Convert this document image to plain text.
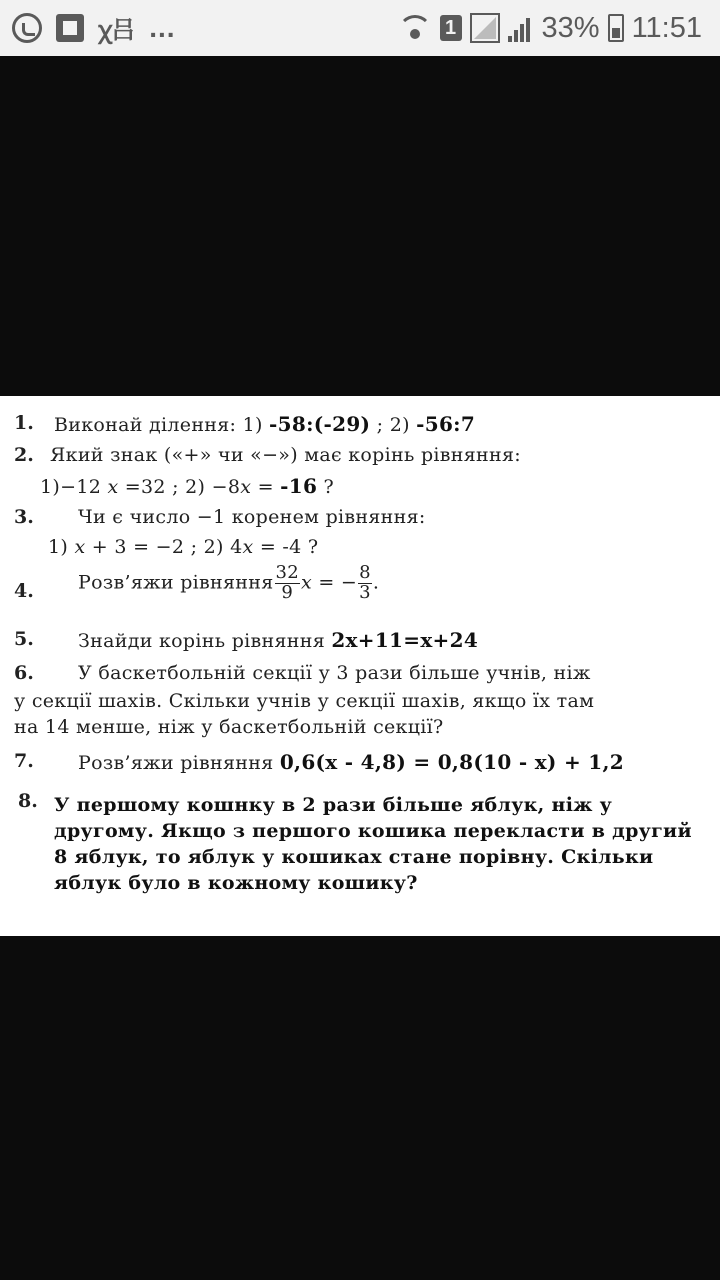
ꭓ吕 ...	1	33% 11:51
1. Виконай ділення: 1) -58:(-29) ; 2) -56:7
2. Який знак («+» чи «−») має корінь рівняння:
1)−12 x =32 ; 2) −8x = -16 ?
3. Чи є число −1 коренем рівняння:
1) x + 3 = −2 ; 2) 4x = -4 ?
4. Розв’яжи рівняння $\frac{32}{9}$ x = − $\frac{8}{3}$ .
5. Знайди корінь рівняння 2x+11=x+24
6. У баскетбольній секції у 3 рази більше учнів, ніж
у секції шахів. Скільки учнів у секції шахів, якщо їх там
на 14 менше, ніж у баскетбольній секції?
7. Розв’яжи рівняння 0,6(x - 4,8) = 0,8(10 - x) + 1,2
8. У першому кошнку в 2 рази більше яблук, ніж у
другому. Якщо з першого кошика перекласти в другий
8 яблук, то яблук у кошиках стане порівну. Скільки
яблук було в кожному кошику?
